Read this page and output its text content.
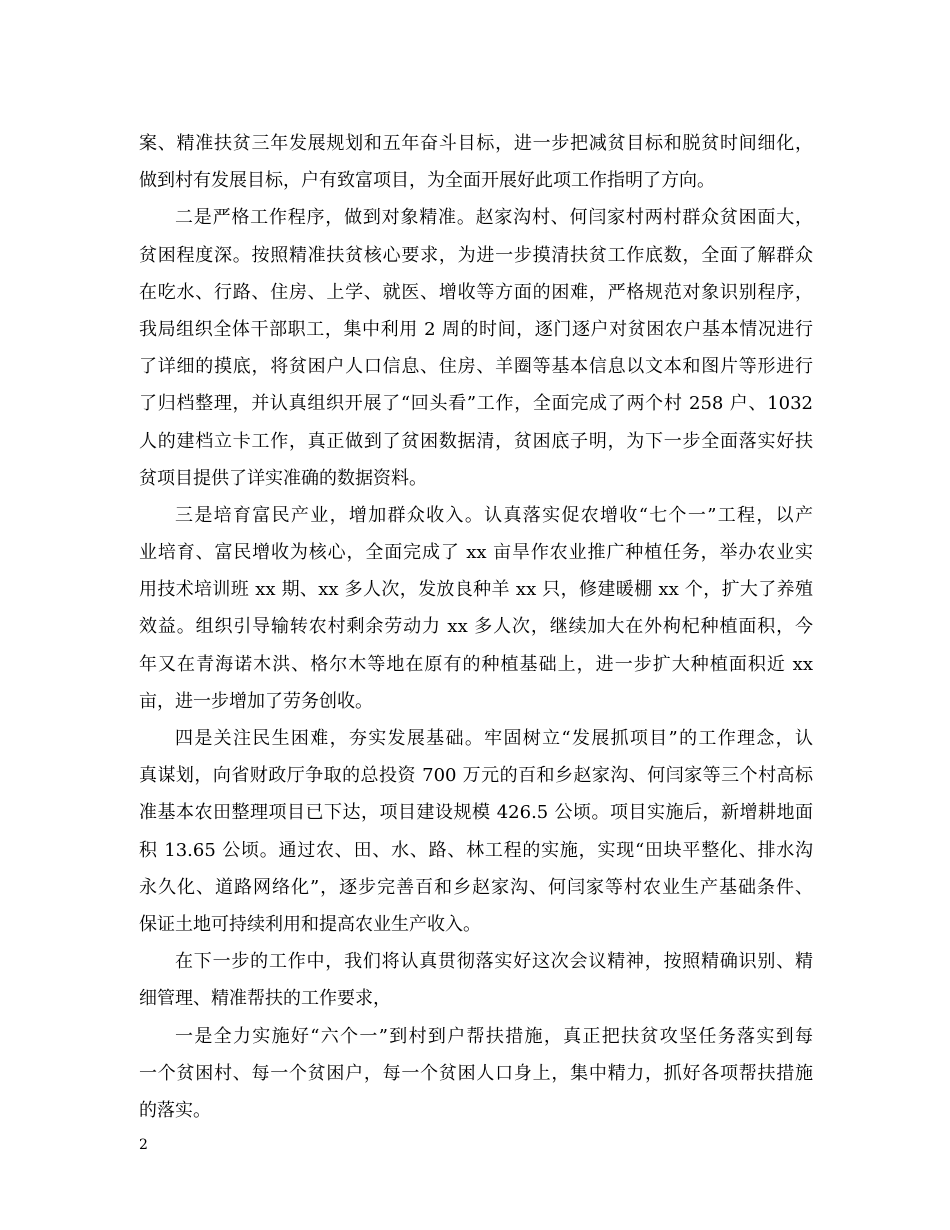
案、精准扶贫三年发展规划和五年奋斗目标，进一步把减贫目标和脱贫时间细化，
做到村有发展目标，户有致富项目，为全面开展好此项工作指明了方向。
二是严格工作程序，做到对象精准。赵家沟村、何闫家村两村群众贫困面大，
贫困程度深。按照精准扶贫核心要求，为进一步摸清扶贫工作底数，全面了解群众
在吃水、行路、住房、上学、就医、增收等方面的困难，严格规范对象识别程序，
我局组织全体干部职工，集中利用 2 周的时间，逐门逐户对贫困农户基本情况进行
了详细的摸底，将贫困户人口信息、住房、羊圈等基本信息以文本和图片等形进行
了归档整理，并认真组织开展了“回头看”工作，全面完成了两个村 258 户、1032
人的建档立卡工作，真正做到了贫困数据清，贫困底子明，为下一步全面落实好扶
贫项目提供了详实准确的数据资料。
三是培育富民产业，增加群众收入。认真落实促农增收“七个一”工程，以产
业培育、富民增收为核心，全面完成了 xx 亩旱作农业推广种植任务，举办农业实
用技术培训班 xx 期、xx 多人次，发放良种羊 xx 只，修建暖棚 xx 个，扩大了养殖
效益。组织引导输转农村剩余劳动力 xx 多人次，继续加大在外枸杞种植面积，今
年又在青海诺木洪、格尔木等地在原有的种植基础上，进一步扩大种植面积近 xx
亩，进一步增加了劳务创收。
四是关注民生困难，夯实发展基础。牢固树立“发展抓项目”的工作理念，认
真谋划，向省财政厅争取的总投资 700 万元的百和乡赵家沟、何闫家等三个村高标
准基本农田整理项目已下达，项目建设规模 426.5 公顷。项目实施后，新增耕地面
积 13.65 公顷。通过农、田、水、路、林工程的实施，实现“田块平整化、排水沟
永久化、道路网络化”，逐步完善百和乡赵家沟、何闫家等村农业生产基础条件、
保证土地可持续利用和提高农业生产收入。
在下一步的工作中，我们将认真贯彻落实好这次会议精神，按照精确识别、精
细管理、精准帮扶的工作要求，
一是全力实施好“六个一”到村到户帮扶措施，真正把扶贫攻坚任务落实到每
一个贫困村、每一个贫困户，每一个贫困人口身上，集中精力，抓好各项帮扶措施
的落实。
2
